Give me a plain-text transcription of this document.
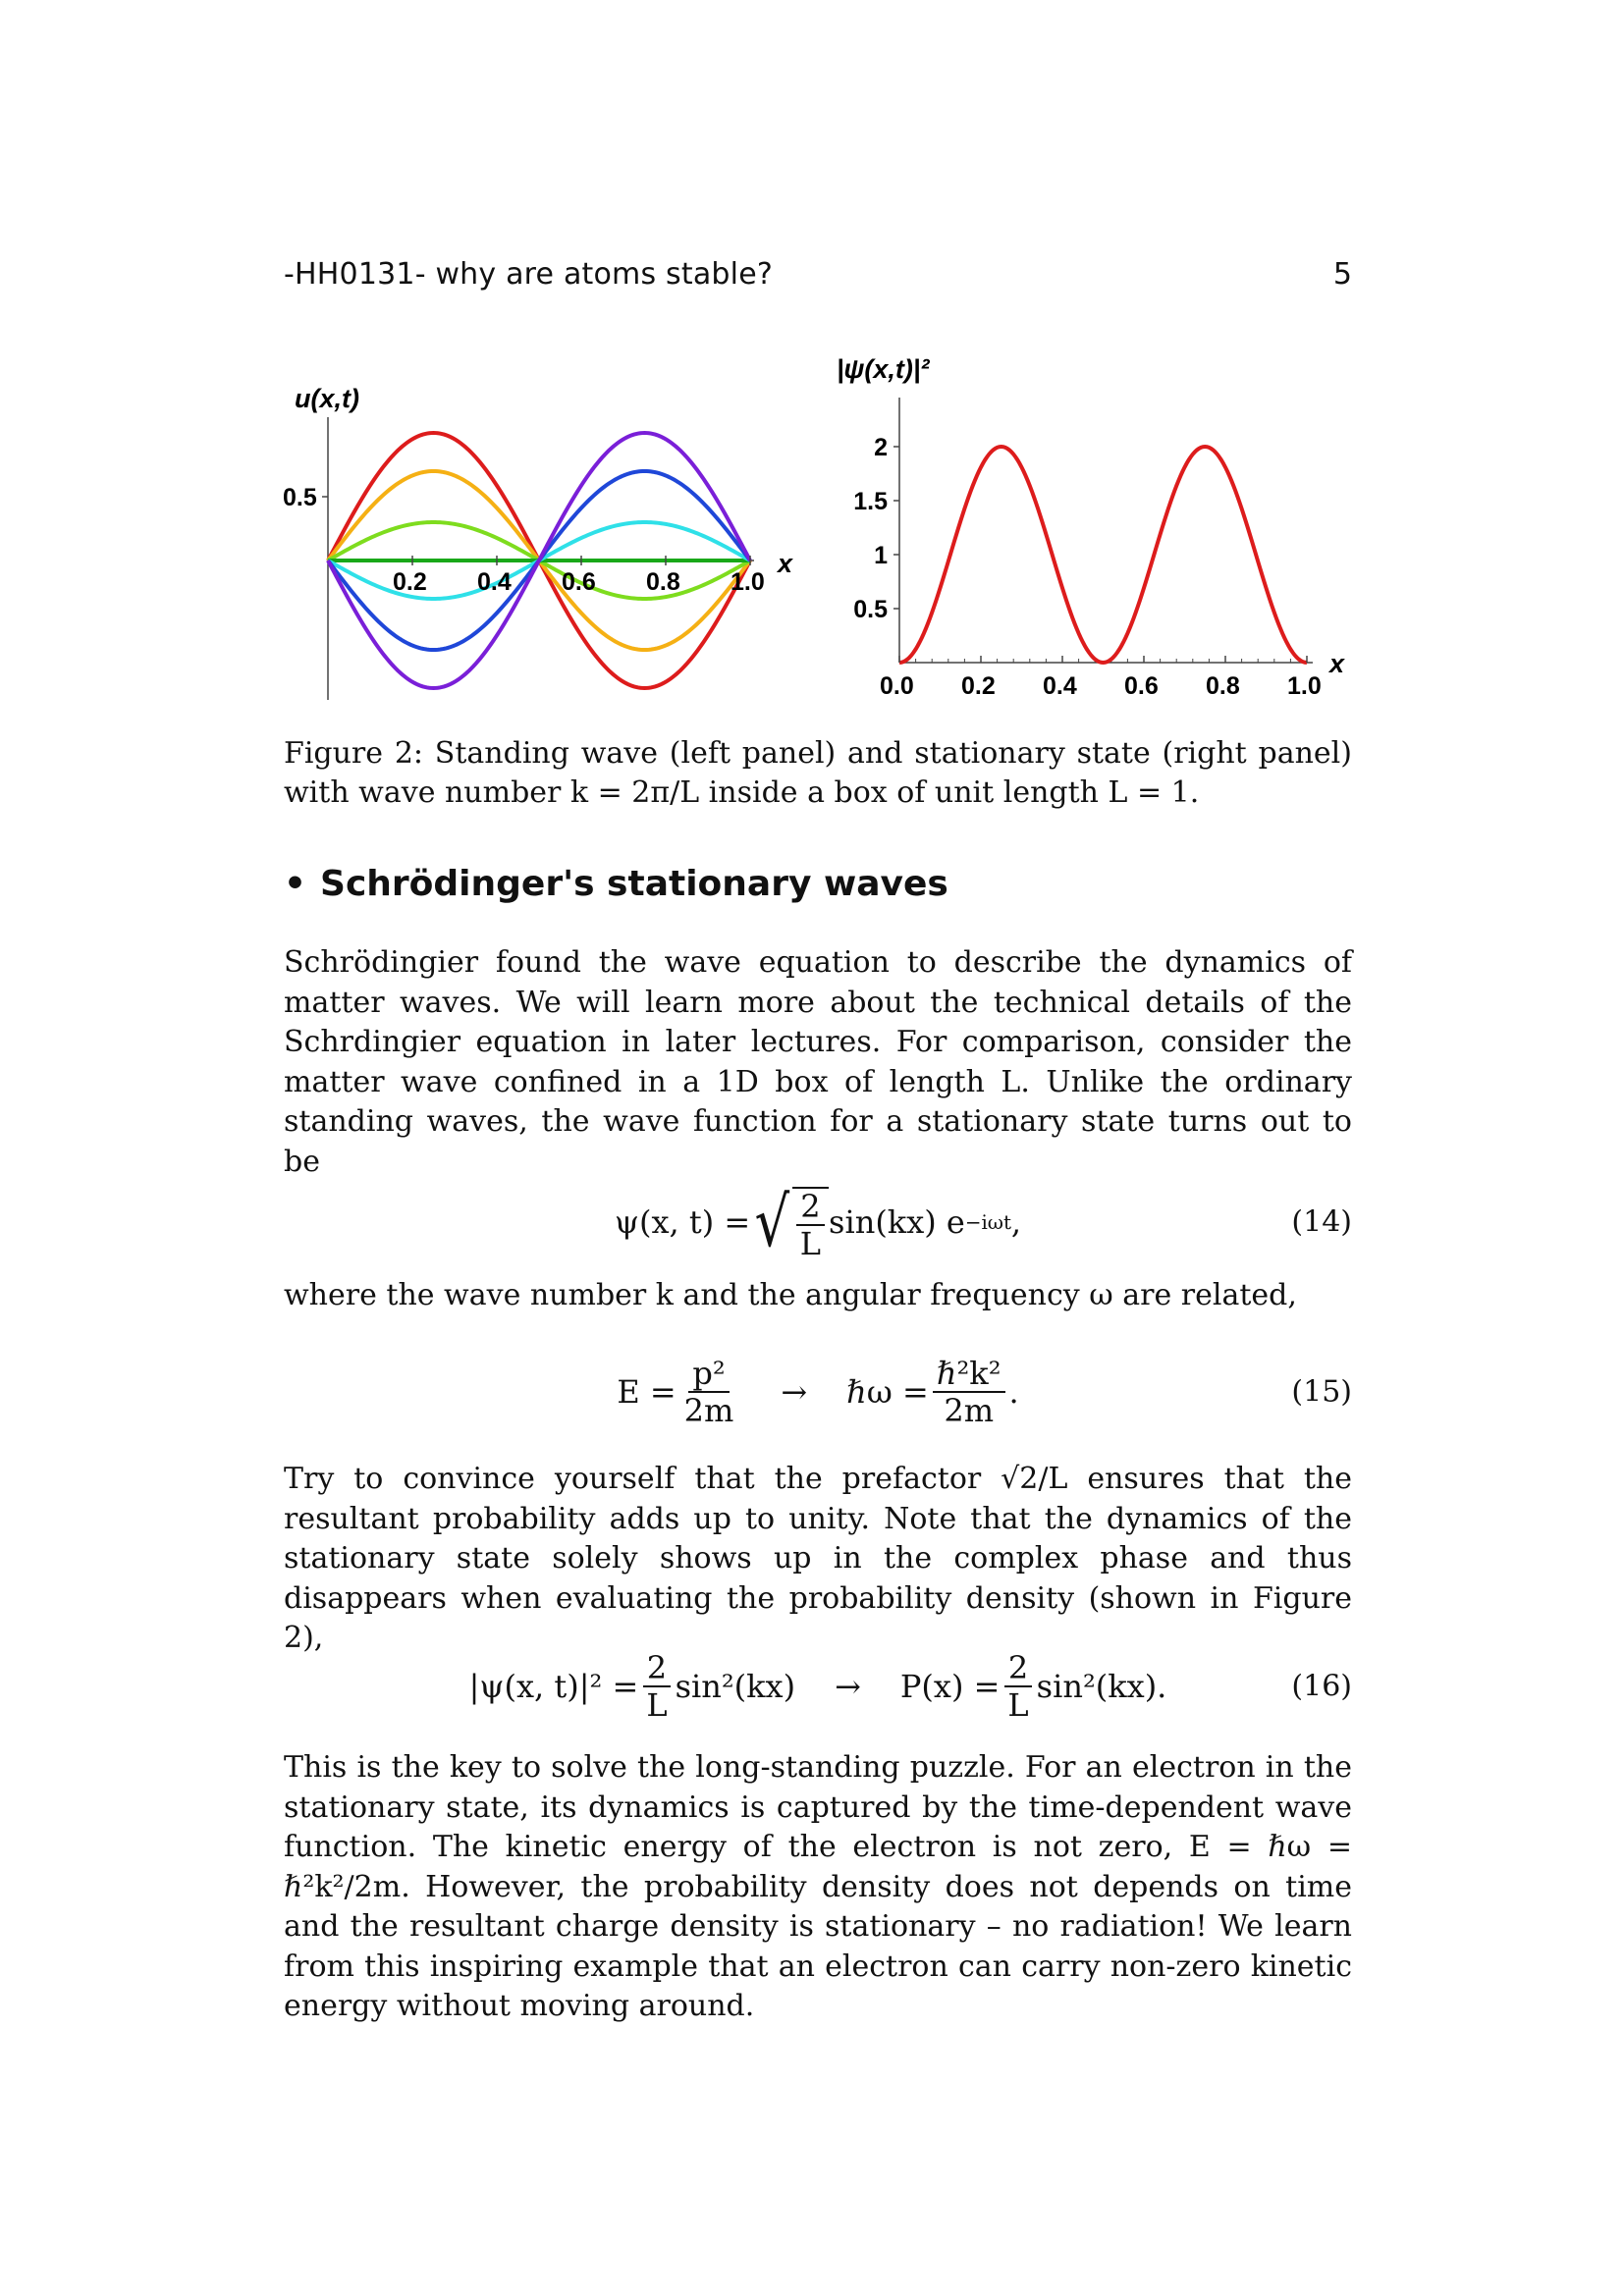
-HH0131- why are atoms stable?	5
u(x,t)
x
0.2 0.4 0.6 0.8 1.0
0.5
|ψ(x,t)|²
x
0.0 0.2 0.4 0.6 0.8 1.0
0.5
1
1.5
2
Figure 2: Standing wave (left panel) and stationary state (right panel) with wave number k = 2π/L inside a box of unit length L = 1.
• Schrödinger's stationary waves
Schrödingier found the wave equation to describe the dynamics of matter waves. We will learn more about the technical details of the Schrdingier equation in later lectures. For comparison, consider the matter wave confined in a 1D box of length L. Unlike the ordinary standing waves, the wave function for a stationary state turns out to be
ψ(x, t) = √ $\frac{2}{L} \sin(kx)$ e −iωt ,	(14)
where the wave number k and the angular frequency ω are related,
$E = \frac{\text{p²}}{2m}$ → ℏω = $\frac{\text{ℏ²k²}}{2m}$ .	(15)
Try to convince yourself that the prefactor √2/L ensures that the resultant probability adds up to unity. Note that the dynamics of the stationary state solely shows up in the complex phase and thus disappears when evaluating the probability density (shown in Figure 2),
|ψ(x, $t)|^2 = \frac{2}{L} \sin^2(kx) \to P(x) = \frac{2}{L} \sin^2(kx)$.	(16)
This is the key to solve the long-standing puzzle. For an electron in the stationary state, its dynamics is captured by the time-dependent wave function. The kinetic energy of the electron is not zero, E = ℏω = ℏ²k²/2m. However, the probability density does not depends on time and the resultant charge density is stationary – no radiation! We learn from this inspiring example that an electron can carry non-zero kinetic energy without moving around.
